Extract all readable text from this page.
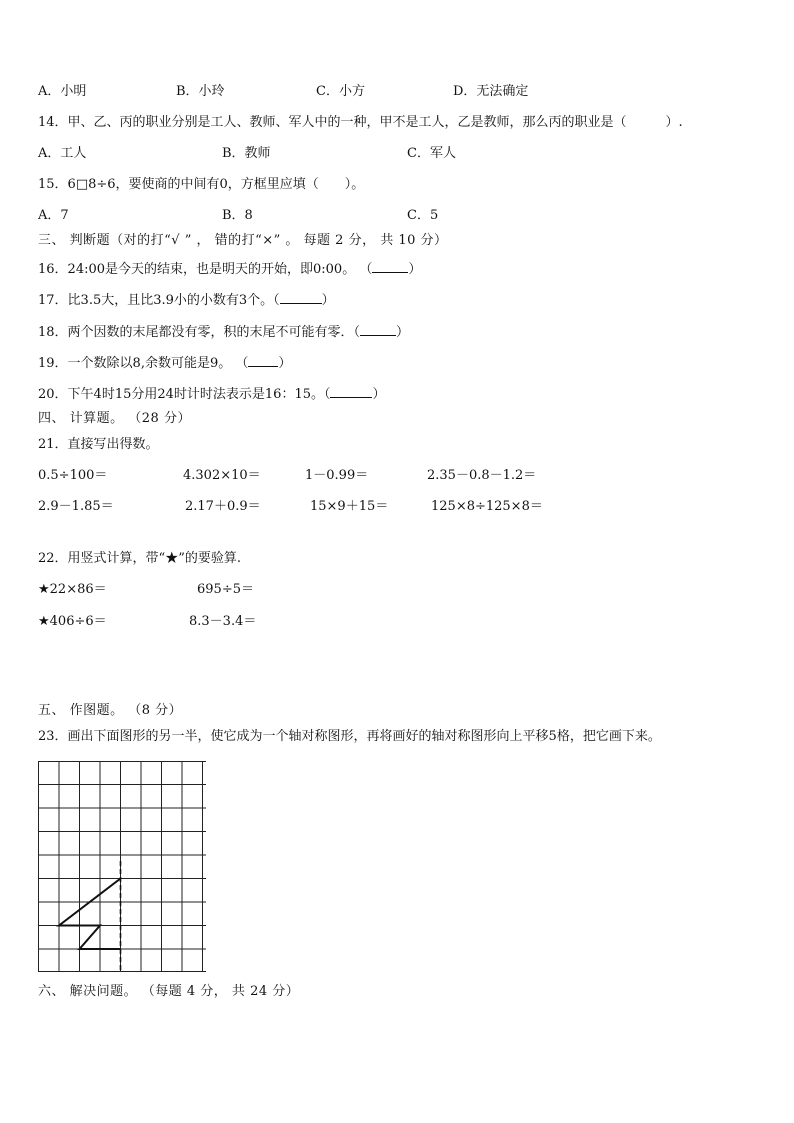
A．小明	B．小玲	C．小方	D．无法确定
14．甲、乙、丙的职业分别是工人、教师、军人中的一种，甲不是工人，乙是教师，那么丙的职业是（　　　）.
A．工人	B．教师	C．军人
15．6□8÷6，要使商的中间有0，方框里应填（　　）。
A．7	B．8	C．5
三、 判断题（对的打“√ ” ， 错的打“×” 。 每题 2 分， 共 10 分）
16．24:00是今天的结束，也是明天的开始，即0:00。 （	）
17．比3.5大，且比3.9小的小数有3个。（	）
18．两个因数的末尾都没有零，积的末尾不可能有零．（	）
19．一个数除以8,余数可能是9。 （ ）
20．下午4时15分用24时计时法表示是16：15。（	）
四、 计算题。 （28 分）
21．直接写出得数。
0.5÷100＝	4.302×10＝	1－0.99＝	2.35－0.8－1.2＝
2.9－1.85＝	2.17＋0.9＝	15×9＋15＝	125×8÷125×8＝
22．用竖式计算，带“★”的要验算.
★22×86＝	695÷5＝
★406÷6＝	8.3－3.4＝
五、 作图题。 （8 分）
23．画出下面图形的另一半，使它成为一个轴对称图形，再将画好的轴对称图形向上平移5格，把它画下来。
六、 解决问题。 （每题 4 分， 共 24 分）
